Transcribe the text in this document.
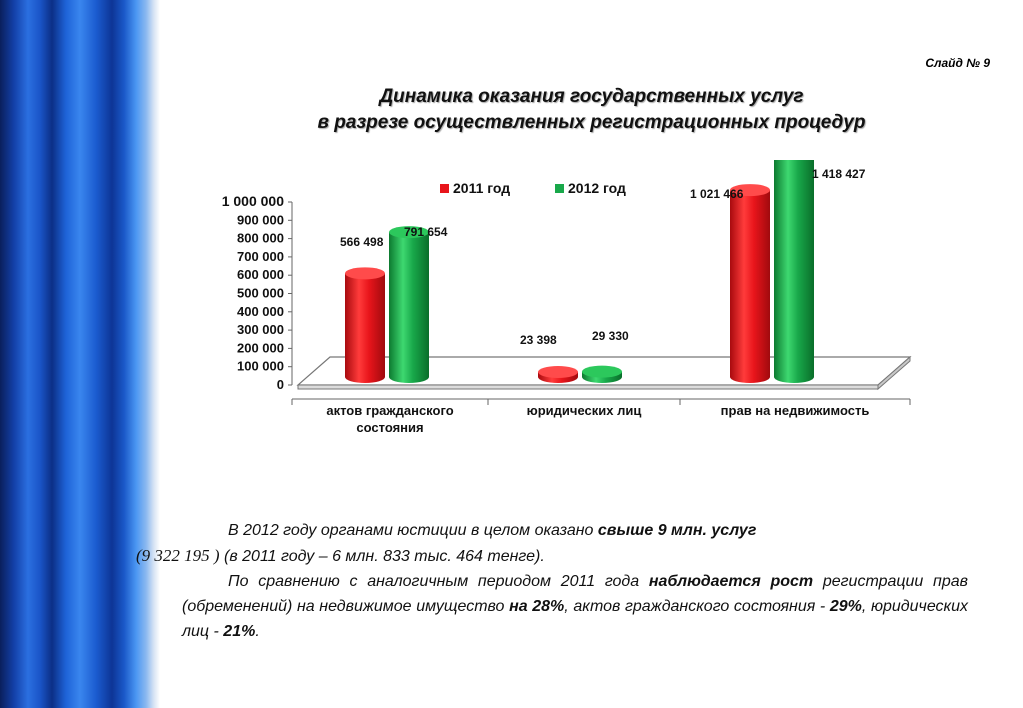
Слайд № 9
Динамика оказания государственных услуг
в разрезе осуществленных регистрационных процедур
0
100 000
200 000
300 000
400 000
500 000
600 000
700 000
800 000
900 000
1 000 000
566 498
791 654
23 398	29 330
1 021 466
1 418 427
актов гражданского
состояния
юридических лиц	прав на недвижимость
2011 год	2012 год

В 2012 году органами юстиции в целом оказано свыше 9 млн. услуг
(9 322 195 ) (в 2011 году – 6 млн. 833 тыс. 464 тенге).

По сравнению с аналогичным периодом 2011 года наблюдается рост регистрации прав (обременений) на недвижимое имущество на 28%, актов гражданского состояния - 29%, юридических лиц - 21%.
